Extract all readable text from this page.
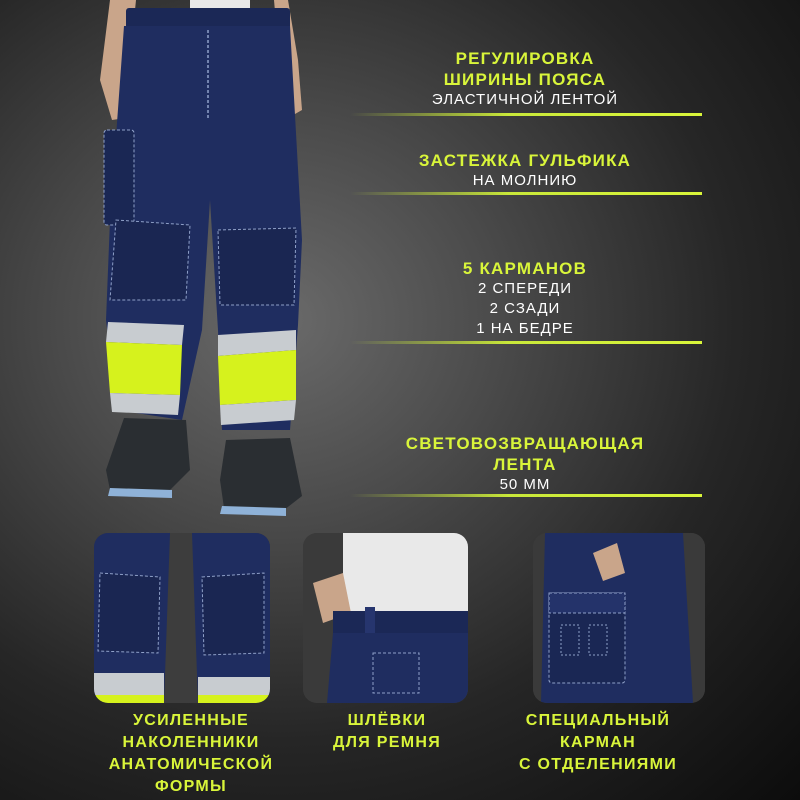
РЕГУЛИРОВКА
ШИРИНЫ ПОЯСА
ЭЛАСТИЧНОЙ ЛЕНТОЙ
ЗАСТЕЖКА ГУЛЬФИКА
НА МОЛНИЮ
5 КАРМАНОВ
2 СПЕРЕДИ
2 СЗАДИ
1 НА БЕДРЕ
СВЕТОВОЗВРАЩАЮЩАЯ
ЛЕНТА
50 ММ
УСИЛЕННЫЕ
НАКОЛЕННИКИ
АНАТОМИЧЕСКОЙ
ФОРМЫ
ШЛЁВКИ
ДЛЯ РЕМНЯ
СПЕЦИАЛЬНЫЙ
КАРМАН
С ОТДЕЛЕНИЯМИ
